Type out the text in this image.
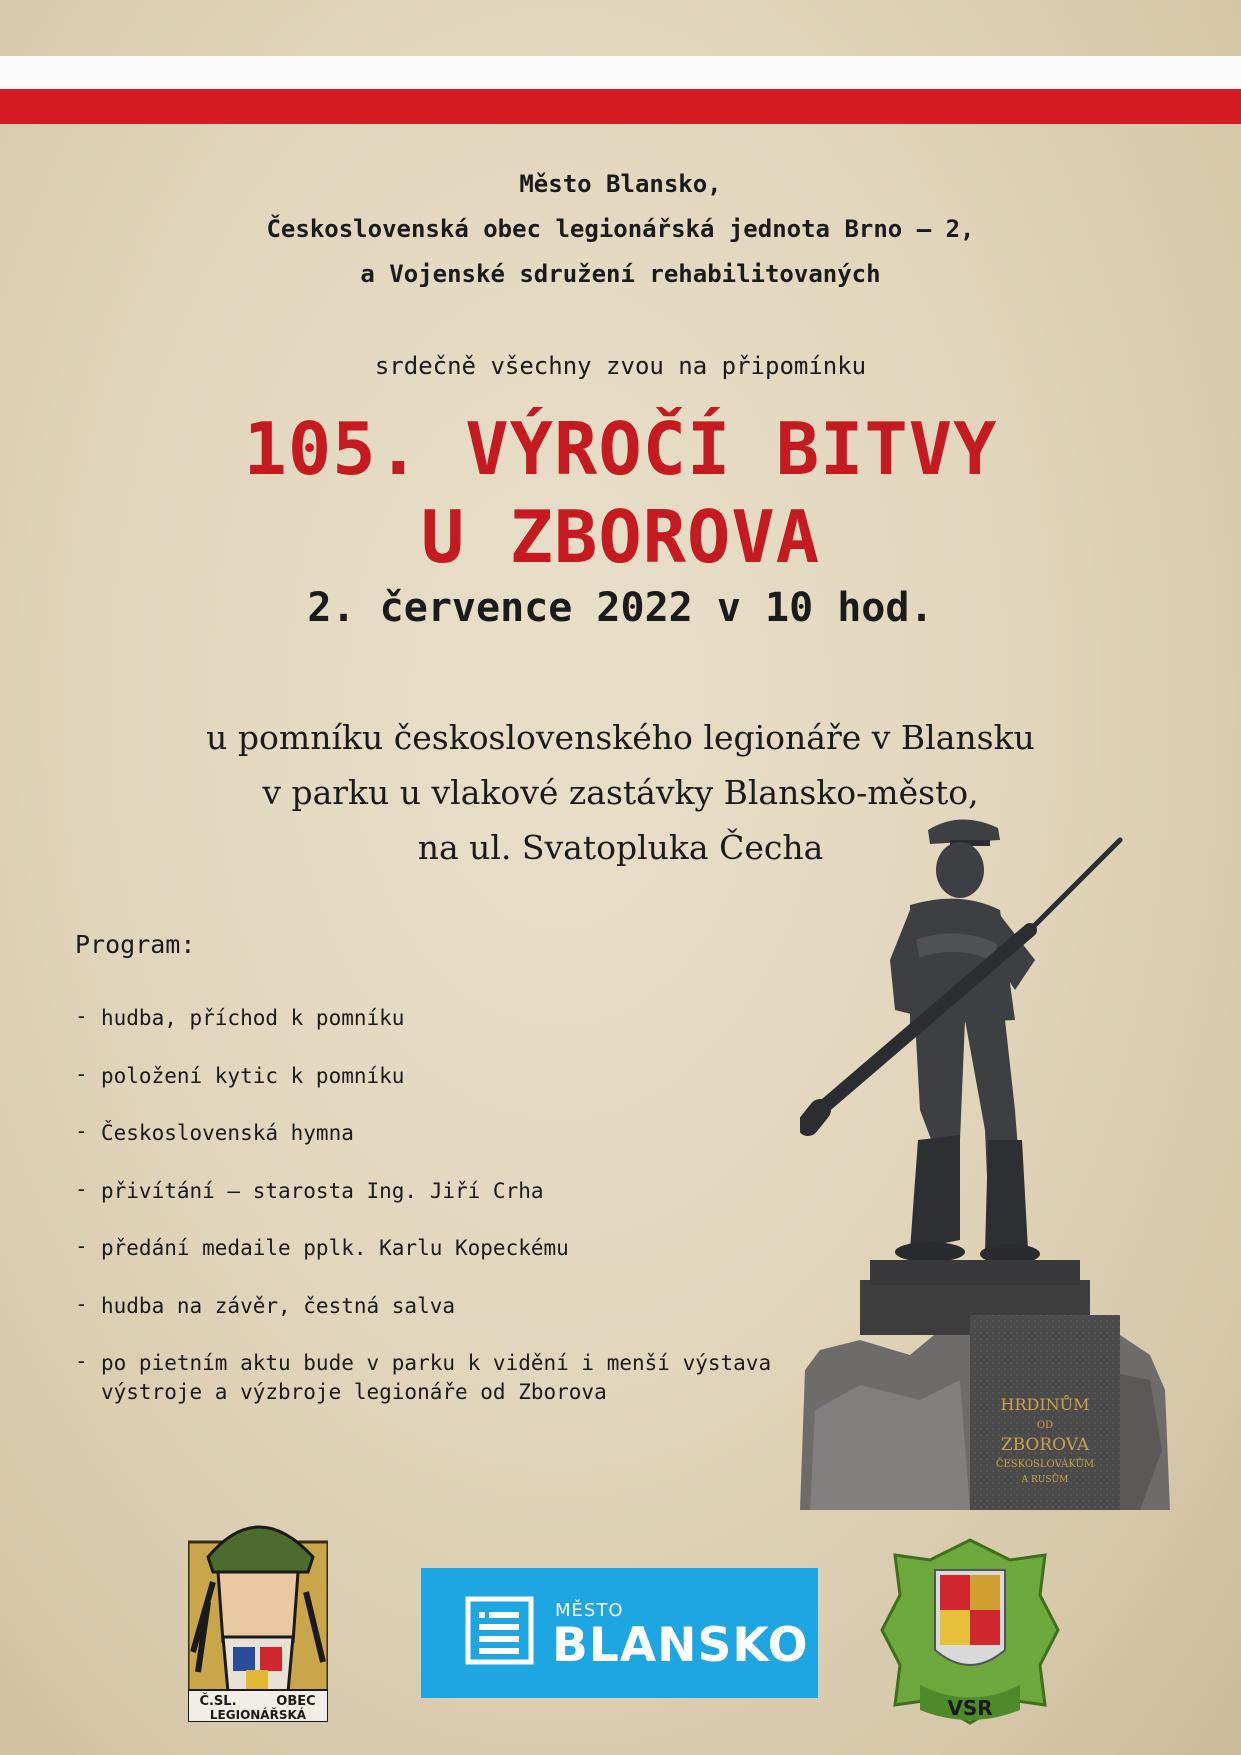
Město Blansko,
Československá obec legionářská jednota Brno – 2,
a Vojenské sdružení rehabilitovaných
srdečně všechny zvou na připomínku
105. VÝROČÍ BITVY
U ZBOROVA
2. července 2022 v 10 hod.
u pomníku československého legionáře v Blansku
v parku u vlakové zastávky Blansko-město,
na ul. Svatopluka Čecha
Program:
- hudba, příchod k pomníku
- položení kytic k pomníku
- Československá hymna
- přivítání – starosta Ing. Jiří Crha
- předání medaile pplk. Karlu Kopeckému
- hudba na závěr, čestná salva
- po pietním aktu bude v parku k vidění i menší výstava výstroje a výzbroje legionáře od Zborova
HRDINŮM
OD
ZBOROVA
ČESKOSLOVÁKŮM
A RUSŮM
Č.SL.	OBEC
LEGIONÁŘSKÁ
MĚSTO
BLANSKO
VSR
